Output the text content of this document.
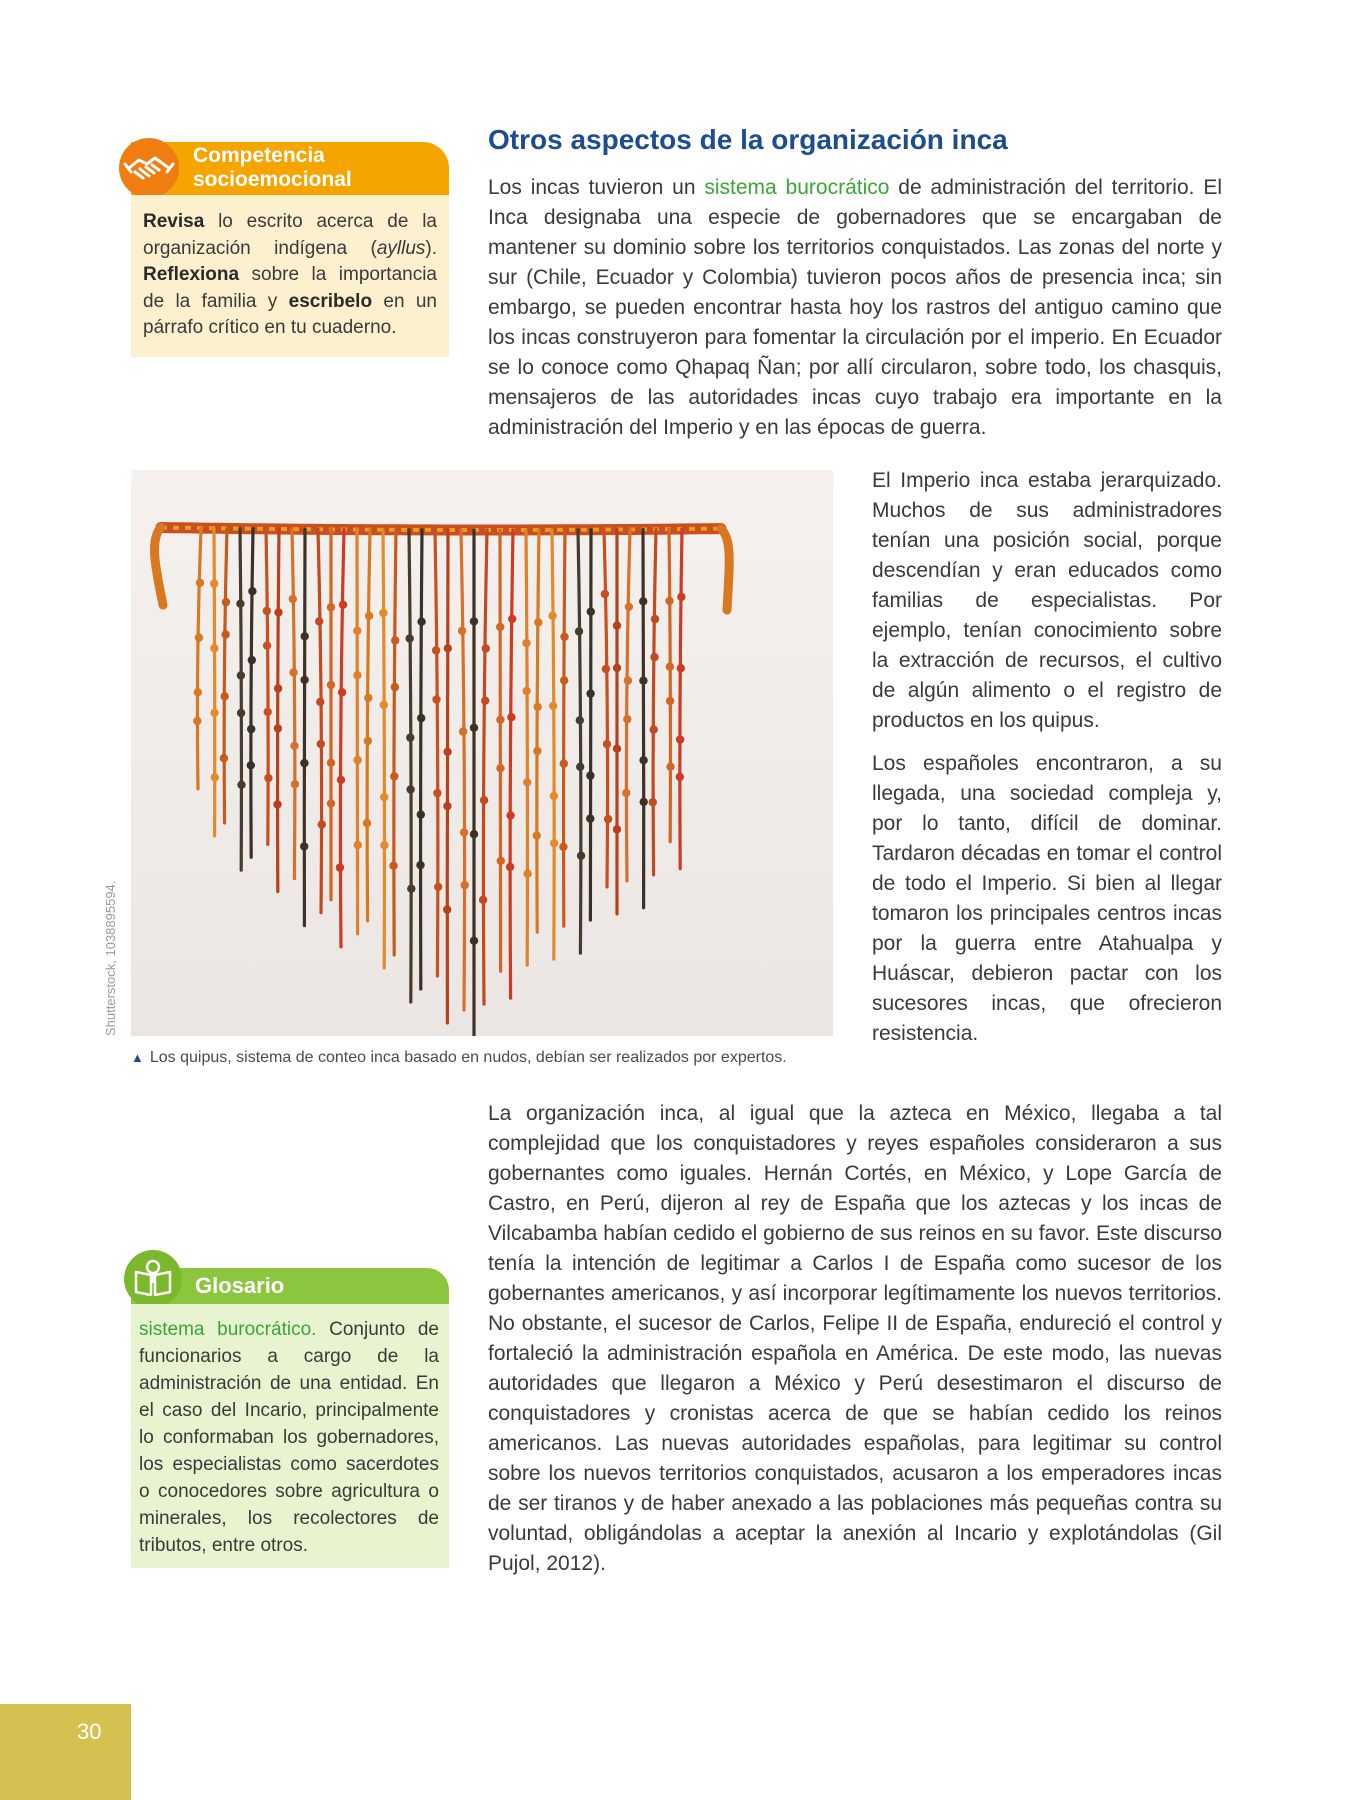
Competencia
socioemocional
Revisa lo escrito acerca de la organización indígena (ayllus). Reflexiona sobre la importancia de la familia y escribelo en un párrafo crítico en tu cuaderno.
Otros aspectos de la organización inca

Los incas tuvieron un sistema burocrático de administración del territorio. El Inca designaba una especie de gobernadores que se encargaban de mantener su dominio sobre los territorios conquistados. Las zonas del norte y sur (Chile, Ecuador y Colombia) tuvieron pocos años de presencia inca; sin embargo, se pueden encontrar hasta hoy los rastros del antiguo camino que los incas construyeron para fomentar la circulación por el imperio. En Ecuador se lo conoce como Qhapaq Ñan; por allí circularon, sobre todo, los chasquis, mensajeros de las autoridades incas cuyo trabajo era importante en la administración del Imperio y en las épocas de guerra.

El Imperio inca estaba jerarquizado. Muchos de sus administradores tenían una posición social, porque descendían y eran educados como familias de especialistas. Por ejemplo, tenían conocimiento sobre la extracción de recursos, el cultivo de algún alimento o el registro de productos en los quipus.

Los españoles encontraron, a su llegada, una sociedad compleja y, por lo tanto, difícil de dominar. Tardaron décadas en tomar el control de todo el Imperio. Si bien al llegar tomaron los principales centros incas por la guerra entre Atahualpa y Huáscar, debieron pactar con los sucesores incas, que ofrecieron resistencia.

La organización inca, al igual que la azteca en México, llegaba a tal complejidad que los conquistadores y reyes españoles consideraron a sus gobernantes como iguales. Hernán Cortés, en México, y Lope García de Castro, en Perú, dijeron al rey de España que los aztecas y los incas de Vilcabamba habían cedido el gobierno de sus reinos en su favor. Este discurso tenía la intención de legitimar a Carlos I de España como sucesor de los gobernantes americanos, y así incorporar legítimamente los nuevos territorios. No obstante, el sucesor de Carlos, Felipe II de España, endureció el control y fortaleció la administración española en América. De este modo, las nuevas autoridades que llegaron a México y Perú desestimaron el discurso de conquistadores y cronistas acerca de que se habían cedido los reinos americanos. Las nuevas autoridades españolas, para legitimar su control sobre los nuevos territorios conquistados, acusaron a los emperadores incas de ser tiranos y de haber anexado a las poblaciones más pequeñas contra su voluntad, obligándolas a aceptar la anexión al Incario y explotándolas (Gil Pujol, 2012).

Shutterstock, 1038895594.

▲ Los quipus, sistema de conteo inca basado en nudos, debían ser realizados por expertos.

Glosario
sistema burocrático. Conjunto de funcionarios a cargo de la administración de una entidad. En el caso del Incario, principalmente lo conformaban los gobernadores, los especialistas como sacerdotes o conocedores sobre agricultura o minerales, los recolectores de tributos, entre otros.
30
